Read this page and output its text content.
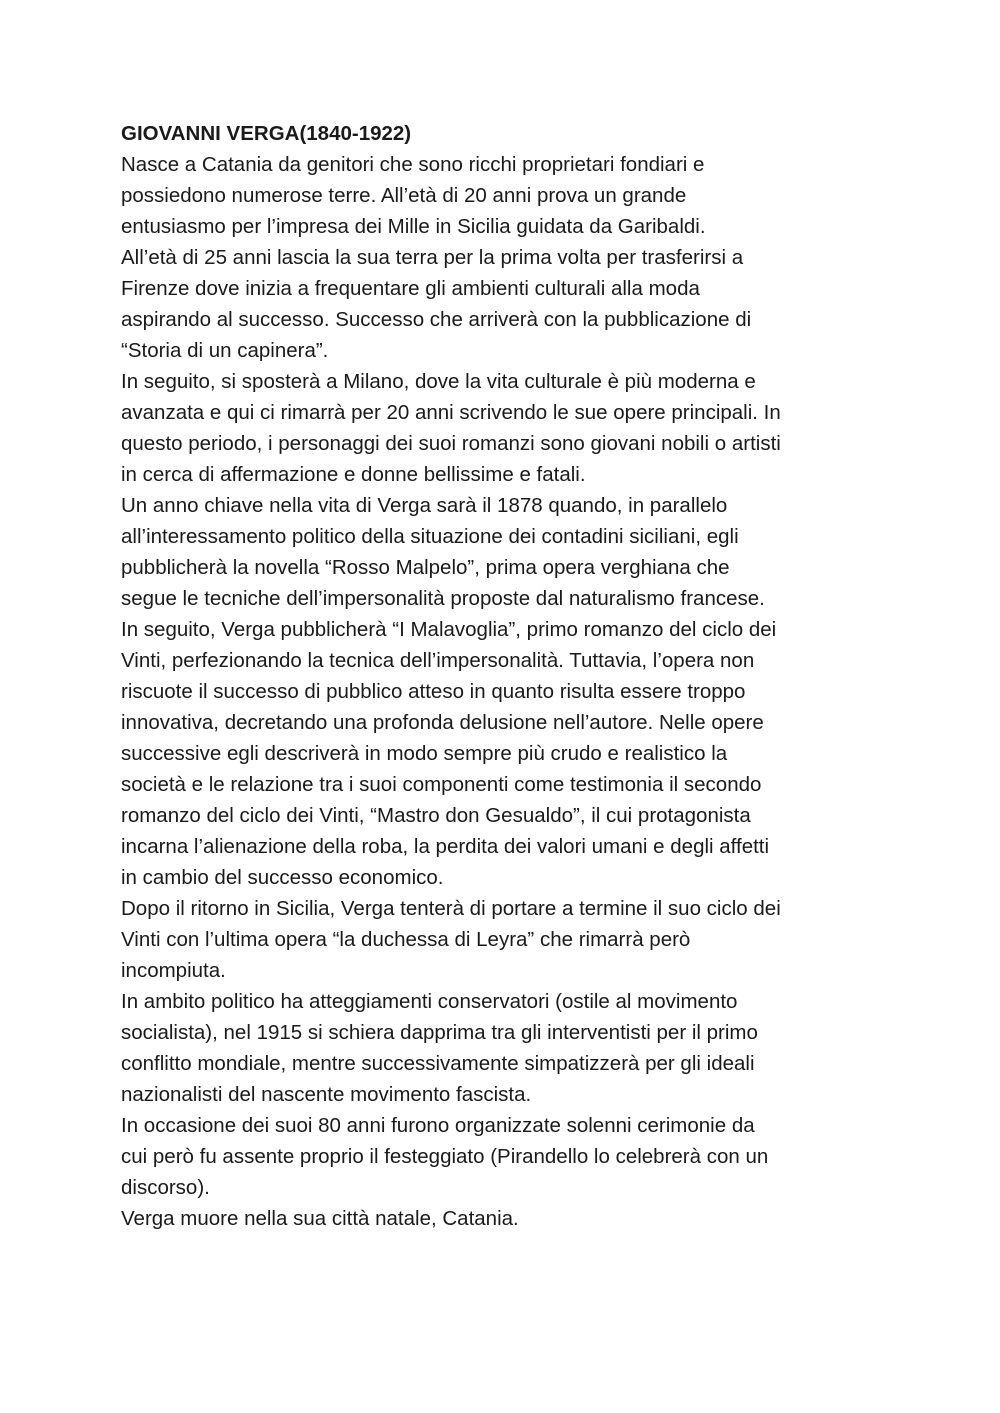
GIOVANNI VERGA(1840-1922)

Nasce a Catania da genitori che sono ricchi proprietari fondiari e
possiedono numerose terre. All’età di 20 anni prova un grande
entusiasmo per l’impresa dei Mille in Sicilia guidata da Garibaldi.

All’età di 25 anni lascia la sua terra per la prima volta per trasferirsi a
Firenze dove inizia a frequentare gli ambienti culturali alla moda
aspirando al successo. Successo che arriverà con la pubblicazione di
“Storia di un capinera”.

In seguito, si sposterà a Milano, dove la vita culturale è più moderna e
avanzata e qui ci rimarrà per 20 anni scrivendo le sue opere principali. In
questo periodo, i personaggi dei suoi romanzi sono giovani nobili o artisti
in cerca di affermazione e donne bellissime e fatali.

Un anno chiave nella vita di Verga sarà il 1878 quando, in parallelo
all’interessamento politico della situazione dei contadini siciliani, egli
pubblicherà la novella “Rosso Malpelo”, prima opera verghiana che
segue le tecniche dell’impersonalità proposte dal naturalismo francese.

In seguito, Verga pubblicherà “I Malavoglia”, primo romanzo del ciclo dei
Vinti, perfezionando la tecnica dell’impersonalità. Tuttavia, l’opera non
riscuote il successo di pubblico atteso in quanto risulta essere troppo
innovativa, decretando una profonda delusione nell’autore. Nelle opere
successive egli descriverà in modo sempre più crudo e realistico la
società e le relazione tra i suoi componenti come testimonia il secondo
romanzo del ciclo dei Vinti, “Mastro don Gesualdo”, il cui protagonista
incarna l’alienazione della roba, la perdita dei valori umani e degli affetti
in cambio del successo economico.

Dopo il ritorno in Sicilia, Verga tenterà di portare a termine il suo ciclo dei
Vinti con l’ultima opera “la duchessa di Leyra” che rimarrà però
incompiuta.

In ambito politico ha atteggiamenti conservatori (ostile al movimento
socialista), nel 1915 si schiera dapprima tra gli interventisti per il primo
conflitto mondiale, mentre successivamente simpatizzerà per gli ideali
nazionalisti del nascente movimento fascista.

In occasione dei suoi 80 anni furono organizzate solenni cerimonie da
cui però fu assente proprio il festeggiato (Pirandello lo celebrerà con un
discorso).

Verga muore nella sua città natale, Catania.
